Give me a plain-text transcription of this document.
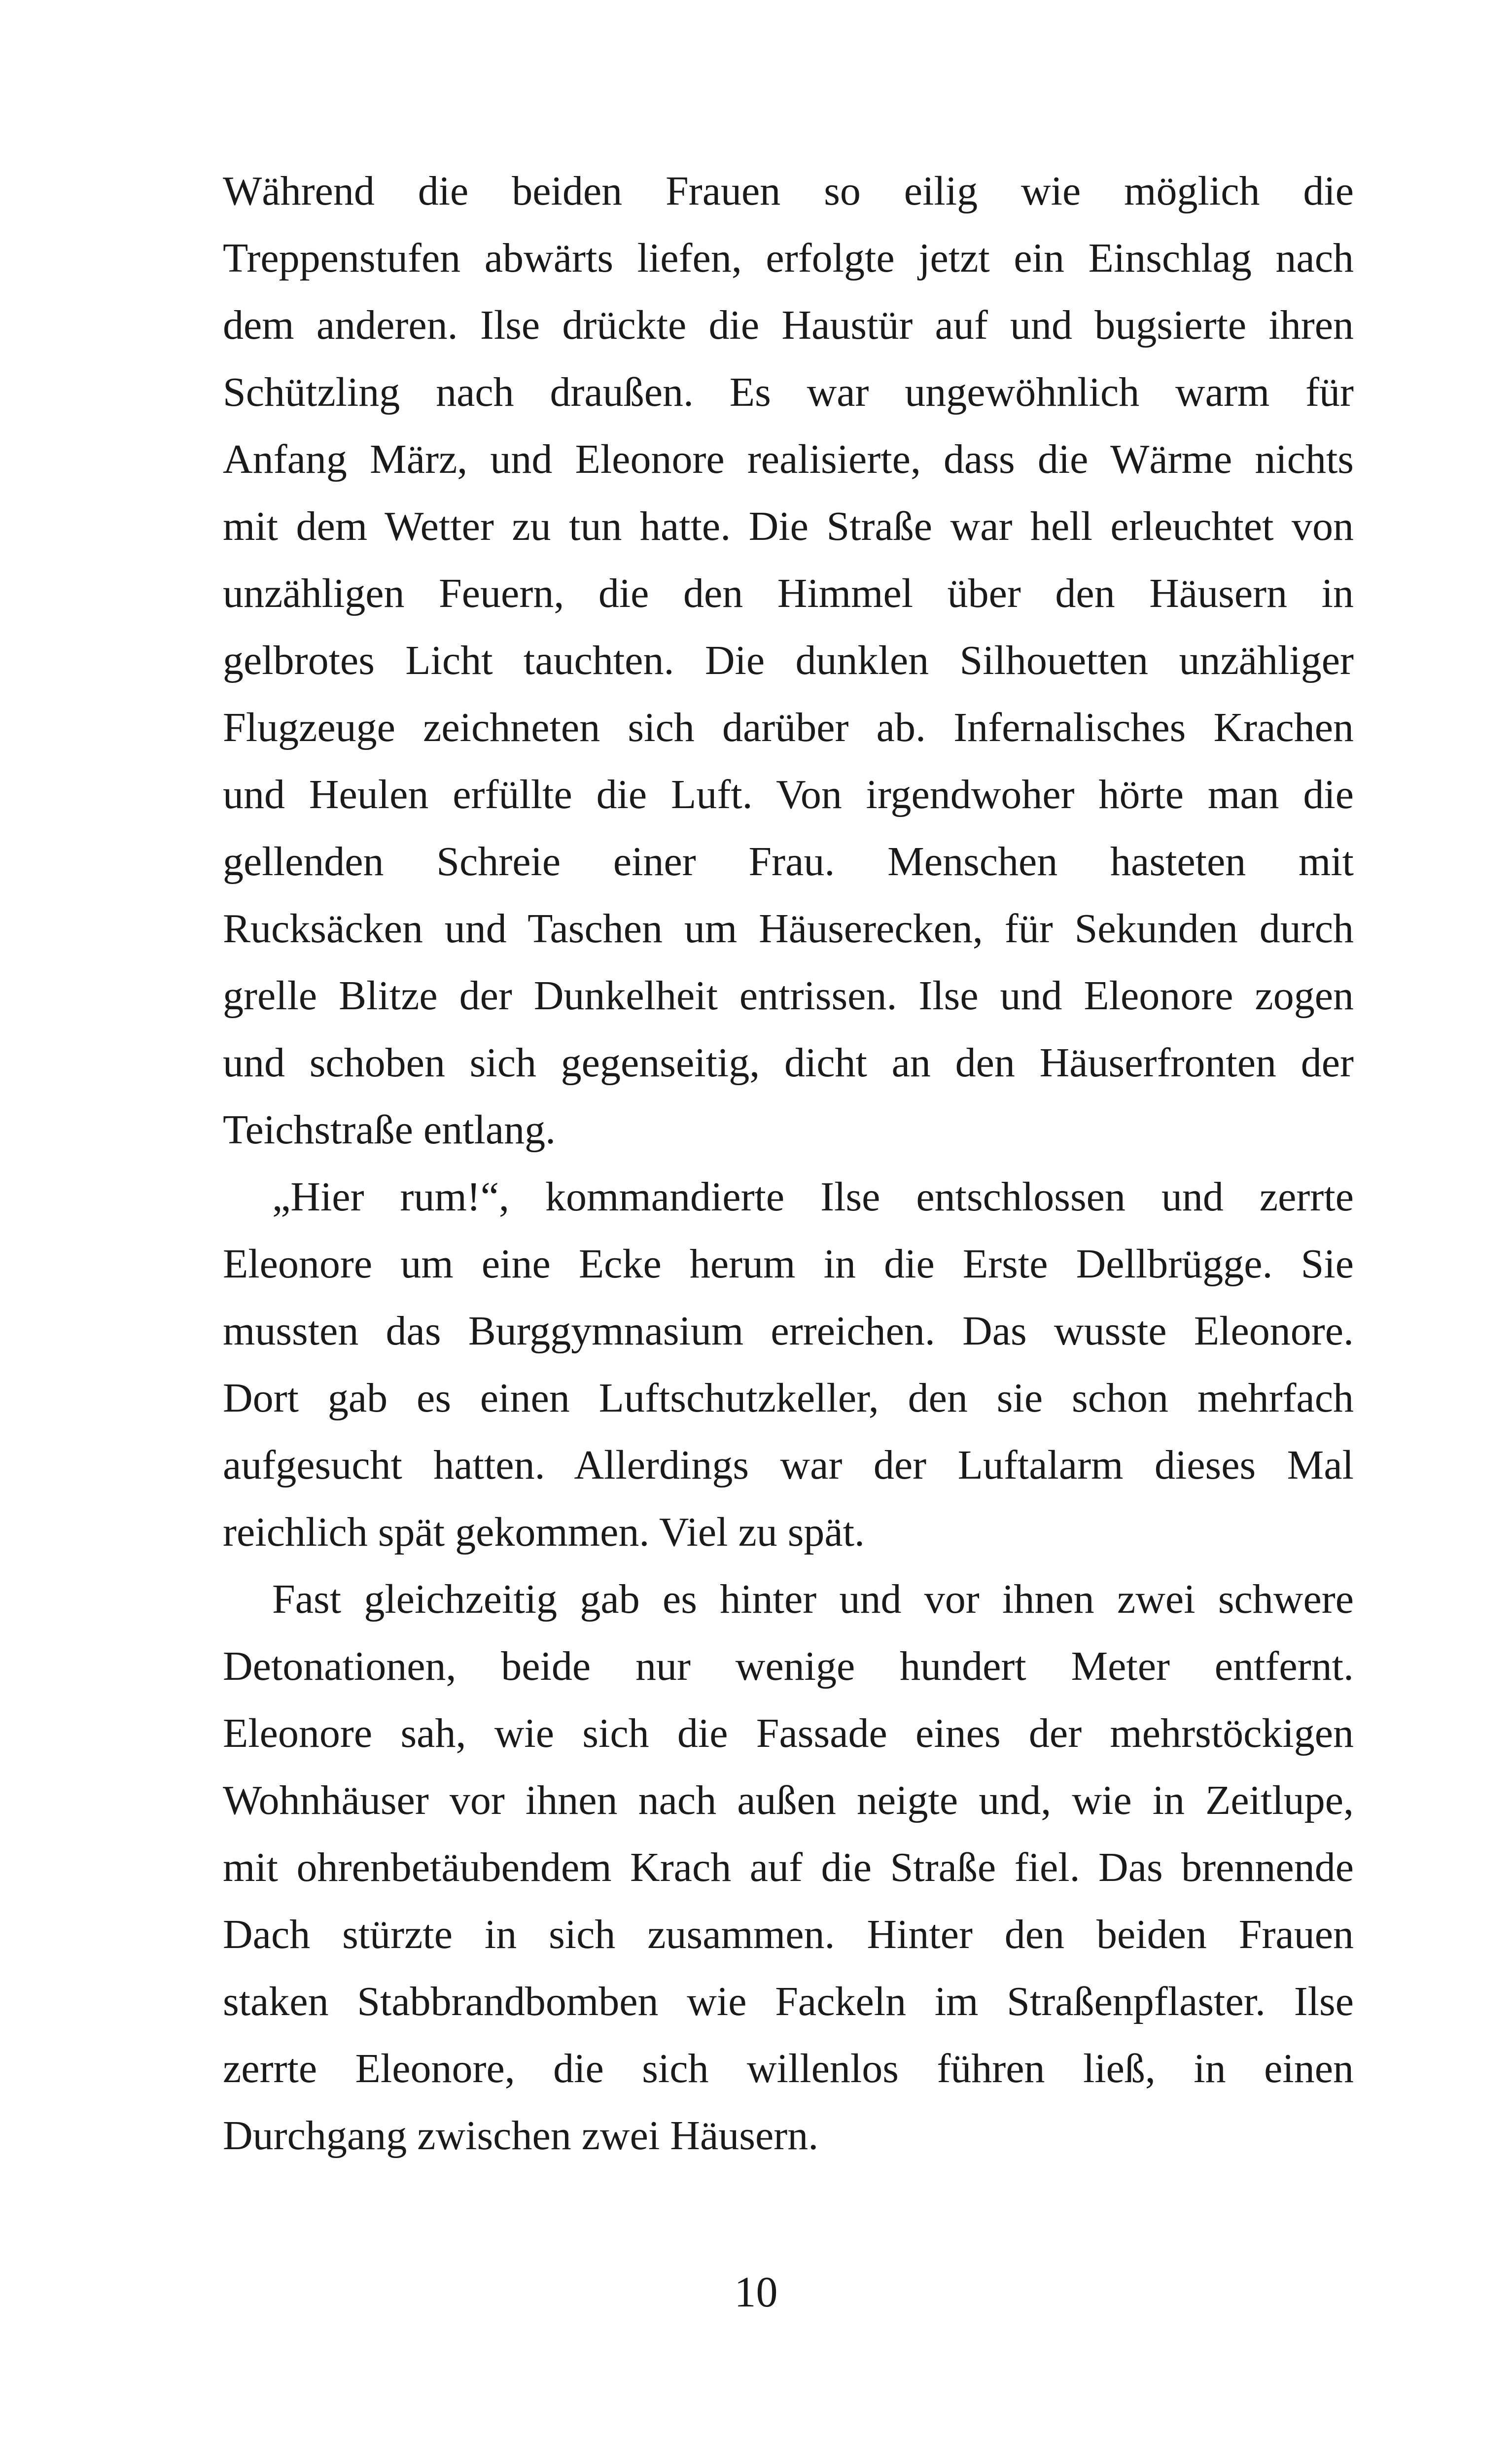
Während die beiden Frauen so eilig wie möglich die
Treppenstufen abwärts liefen, erfolgte jetzt ein Einschlag nach
dem anderen. Ilse drückte die Haustür auf und bugsierte ihren
Schützling nach draußen. Es war ungewöhnlich warm für
Anfang März, und Eleonore realisierte, dass die Wärme nichts
mit dem Wetter zu tun hatte. Die Straße war hell erleuchtet von
unzähligen Feuern, die den Himmel über den Häusern in
gelbrotes Licht tauchten. Die dunklen Silhouetten unzähliger
Flugzeuge zeichneten sich darüber ab. Infernalisches Krachen
und Heulen erfüllte die Luft. Von irgendwoher hörte man die
gellenden Schreie einer Frau. Menschen hasteten mit
Rucksäcken und Taschen um Häuserecken, für Sekunden durch
grelle Blitze der Dunkelheit entrissen. Ilse und Eleonore zogen
und schoben sich gegenseitig, dicht an den Häuserfronten der
Teichstraße entlang.
„Hier rum!“, kommandierte Ilse entschlossen und zerrte
Eleonore um eine Ecke herum in die Erste Dellbrügge. Sie
mussten das Burggymnasium erreichen. Das wusste Eleonore.
Dort gab es einen Luftschutzkeller, den sie schon mehrfach
aufgesucht hatten. Allerdings war der Luftalarm dieses Mal
reichlich spät gekommen. Viel zu spät.
Fast gleichzeitig gab es hinter und vor ihnen zwei schwere
Detonationen, beide nur wenige hundert Meter entfernt.
Eleonore sah, wie sich die Fassade eines der mehrstöckigen
Wohnhäuser vor ihnen nach außen neigte und, wie in Zeitlupe,
mit ohrenbetäubendem Krach auf die Straße fiel. Das brennende
Dach stürzte in sich zusammen. Hinter den beiden Frauen
staken Stabbrandbomben wie Fackeln im Straßenpflaster. Ilse
zerrte Eleonore, die sich willenlos führen ließ, in einen
Durchgang zwischen zwei Häusern.
10
